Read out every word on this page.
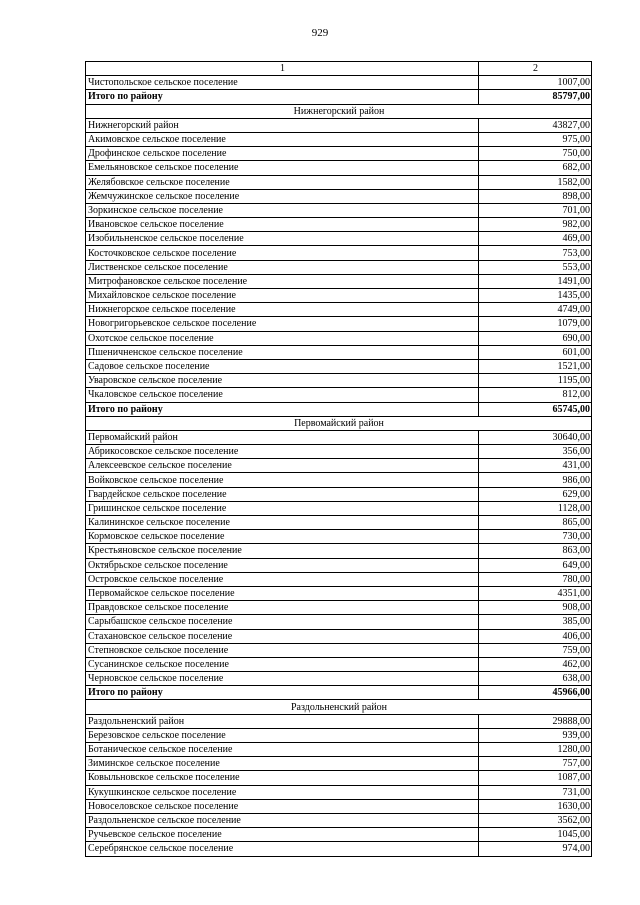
929
1	2
Чистопольское сельское поселение	1007,00
Итого по району	85797,00
Нижнегорский район	
Нижнегорский район	43827,00
Акимовское сельское поселение	975,00
Дрофинское сельское поселение	750,00
Емельяновское сельское поселение	682,00
Желябовское сельское поселение	1582,00
Жемчужинское сельское поселение	898,00
Зоркинское сельское поселение	701,00
Ивановское сельское поселение	982,00
Изобильненское сельское поселение	469,00
Косточковское сельское поселение	753,00
Лиственское сельское поселение	553,00
Митрофановское сельское поселение	1491,00
Михайловское сельское поселение	1435,00
Нижнегорское сельское поселение	4749,00
Новогригорьевское сельское поселение	1079,00
Охотское сельское поселение	690,00
Пшеничненское сельское поселение	601,00
Садовое сельское поселение	1521,00
Уваровское сельское поселение	1195,00
Чкаловское сельское поселение	812,00
Итого по району	65745,00
Первомайский район	
Первомайский район	30640,00
Абрикосовское сельское поселение	356,00
Алексеевское сельское поселение	431,00
Войковское сельское поселение	986,00
Гвардейское сельское поселение	629,00
Гришинское сельское поселение	1128,00
Калининское сельское поселение	865,00
Кормовское сельское поселение	730,00
Крестьяновское сельское поселение	863,00
Октябрьское сельское поселение	649,00
Островское сельское поселение	780,00
Первомайское сельское поселение	4351,00
Правдовское сельское поселение	908,00
Сарыбашское сельское поселение	385,00
Стахановское сельское поселение	406,00
Степновское сельское поселение	759,00
Сусанинское сельское поселение	462,00
Черновское сельское поселение	638,00
Итого по району	45966,00
Раздольненский район	
Раздольненский район	29888,00
Березовское сельское поселение	939,00
Ботаническое сельское поселение	1280,00
Зиминское сельское поселение	757,00
Ковыльновское сельское поселение	1087,00
Кукушкинское сельское поселение	731,00
Новоселовское сельское поселение	1630,00
Раздольненское сельское поселение	3562,00
Ручьевское сельское поселение	1045,00
Серебрянское сельское поселение	974,00
